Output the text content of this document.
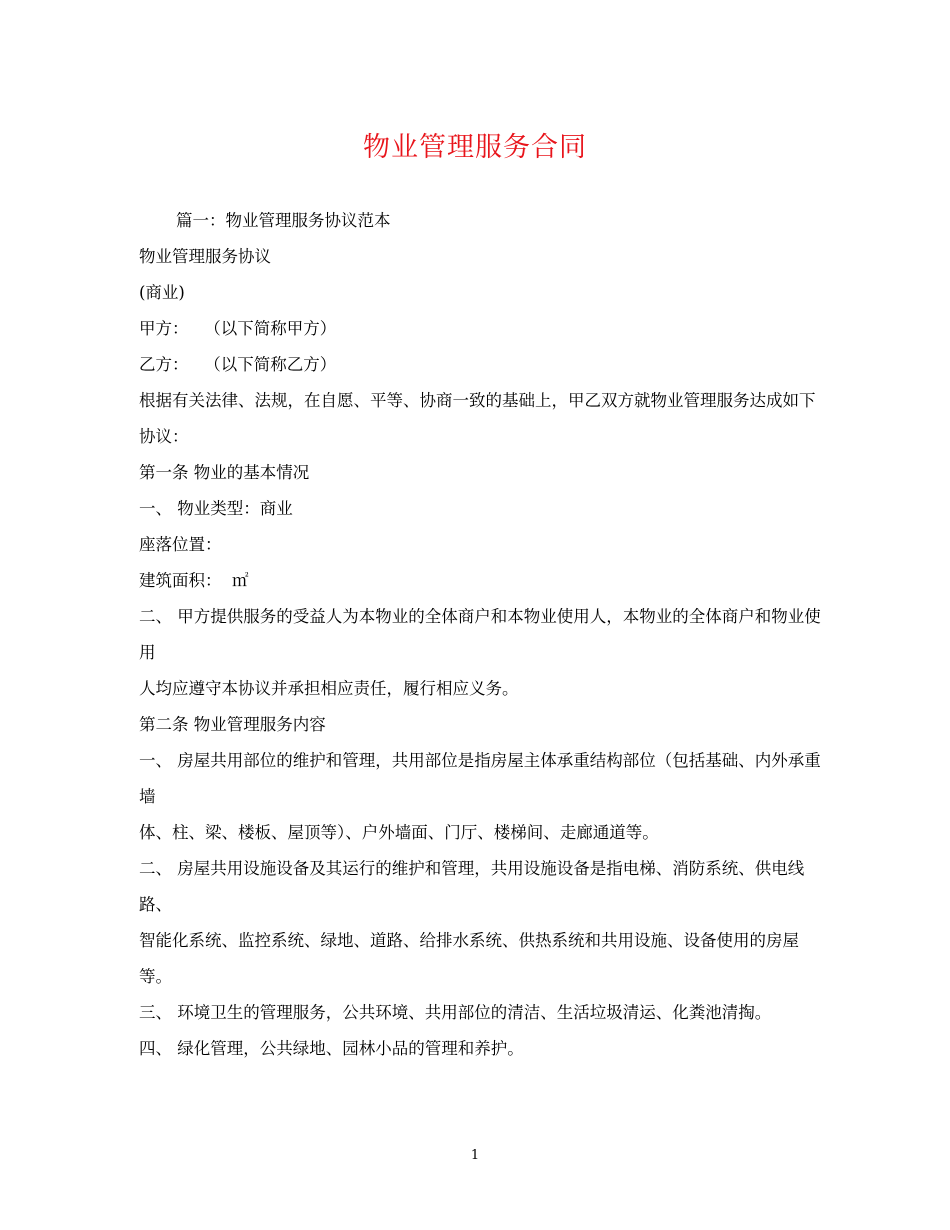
物业管理服务合同

篇一：物业管理服务协议范本

物业管理服务协议

(商业)

甲方：   （以下简称甲方）

乙方：   （以下简称乙方）

根据有关法律、法规，在自愿、平等、协商一致的基础上，甲乙双方就物业管理服务达成如下协议：

第一条 物业的基本情况

一、 物业类型：商业

座落位置：

建筑面积：  ㎡

二、 甲方提供服务的受益人为本物业的全体商户和本物业使用人，本物业的全体商户和物业使用

人均应遵守本协议并承担相应责任，履行相应义务。

第二条 物业管理服务内容

一、 房屋共用部位的维护和管理，共用部位是指房屋主体承重结构部位（包括基础、内外承重墙

体、柱、梁、楼板、屋顶等）、户外墙面、门厅、楼梯间、走廊通道等。

二、 房屋共用设施设备及其运行的维护和管理，共用设施设备是指电梯、消防系统、供电线路、

智能化系统、监控系统、绿地、道路、给排水系统、供热系统和共用设施、设备使用的房屋等。

三、 环境卫生的管理服务，公共环境、共用部位的清洁、生活垃圾清运、化粪池清掏。

四、 绿化管理，公共绿地、园林小品的管理和养护。

1
